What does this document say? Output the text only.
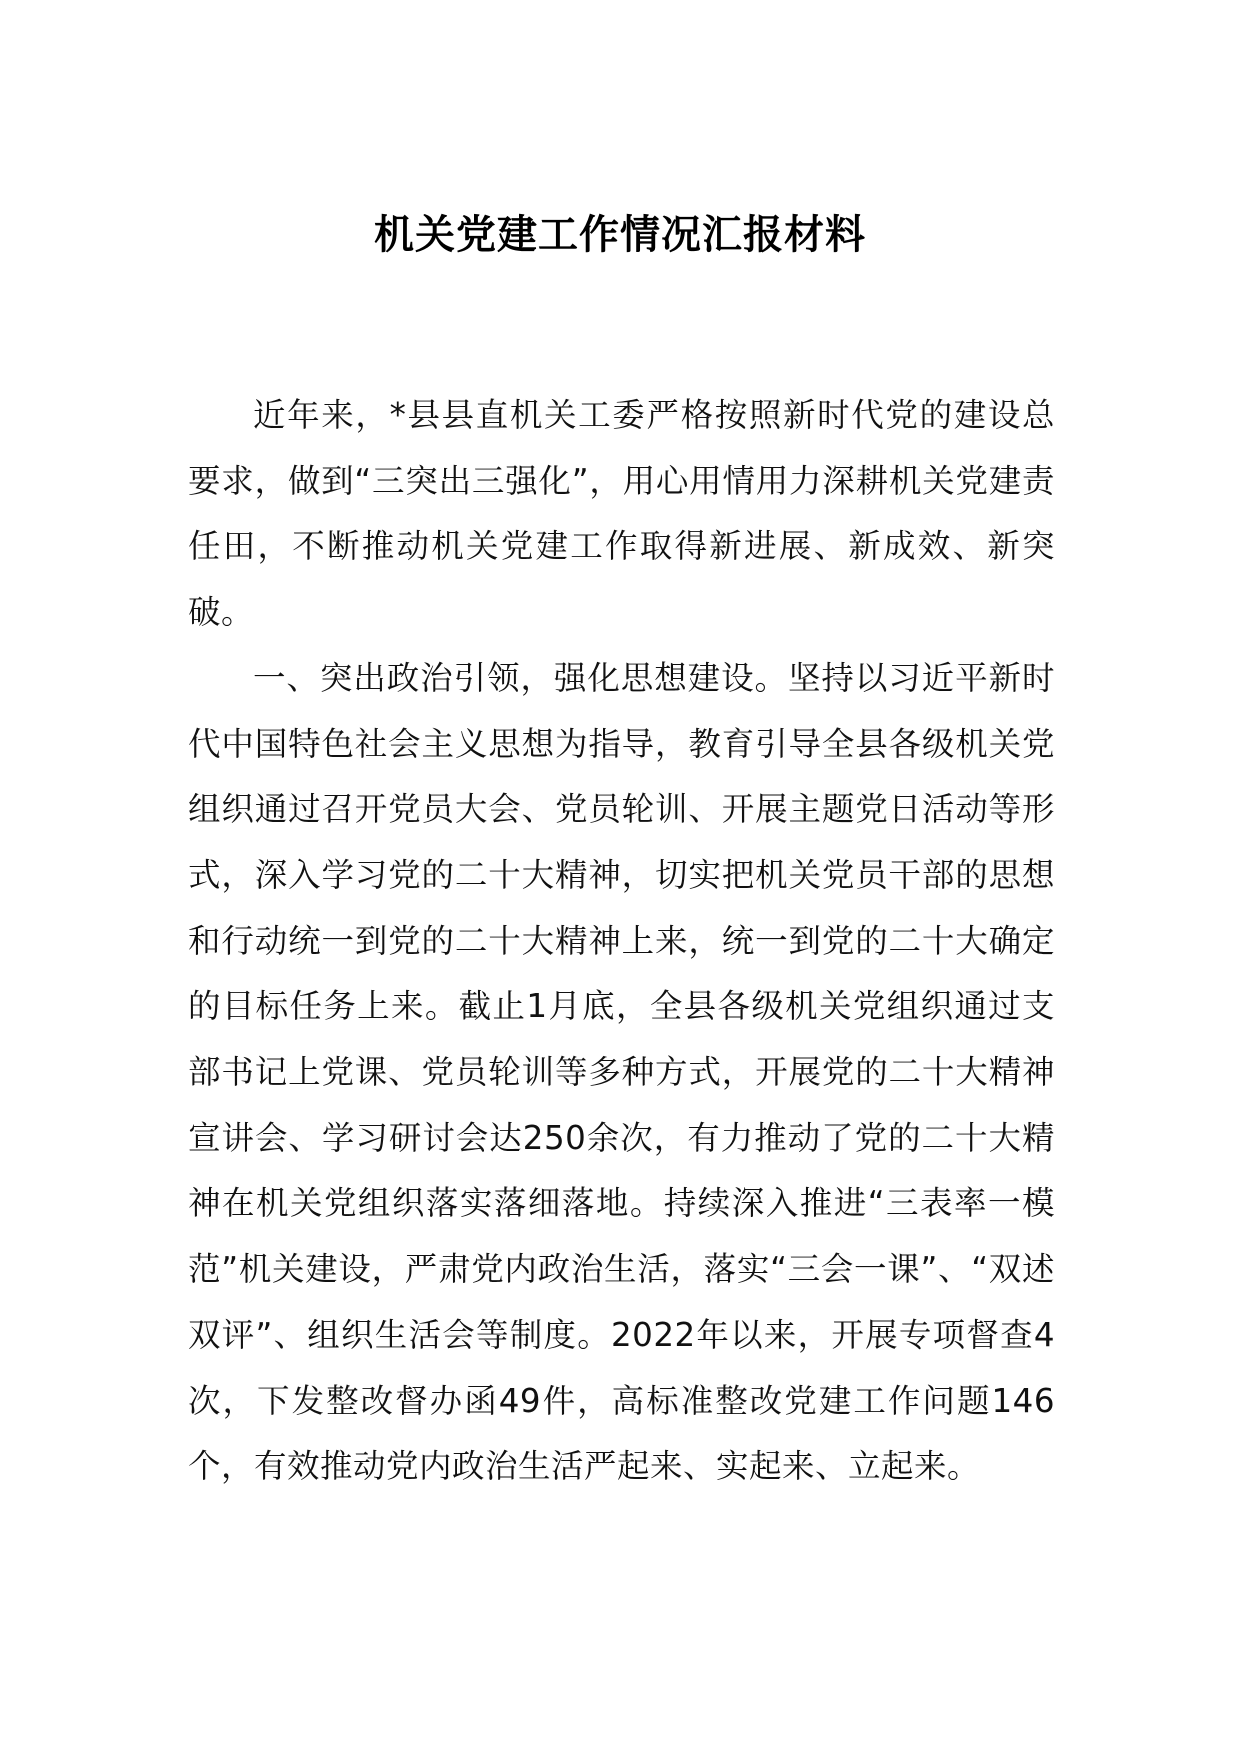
机关党建工作情况汇报材料

近年来，*县县直机关工委严格按照新时代党的建设总要求，做到“三突出三强化”，用心用情用力深耕机关党建责任田，不断推动机关党建工作取得新进展、新成效、新突破。

一、突出政治引领，强化思想建设。坚持以习近平新时代中国特色社会主义思想为指导，教育引导全县各级机关党组织通过召开党员大会、党员轮训、开展主题党日活动等形式，深入学习党的二十大精神，切实把机关党员干部的思想和行动统一到党的二十大精神上来，统一到党的二十大确定的目标任务上来。截止1月底，全县各级机关党组织通过支部书记上党课、党员轮训等多种方式，开展党的二十大精神宣讲会、学习研讨会达250余次，有力推动了党的二十大精神在机关党组织落实落细落地。持续深入推进“三表率一模范”机关建设，严肃党内政治生活，落实“三会一课”、“双述双评”、组织生活会等制度。2022年以来，开展专项督查4次，下发整改督办函49件，高标准整改党建工作问题146个，有效推动党内政治生活严起来、实起来、立起来。
